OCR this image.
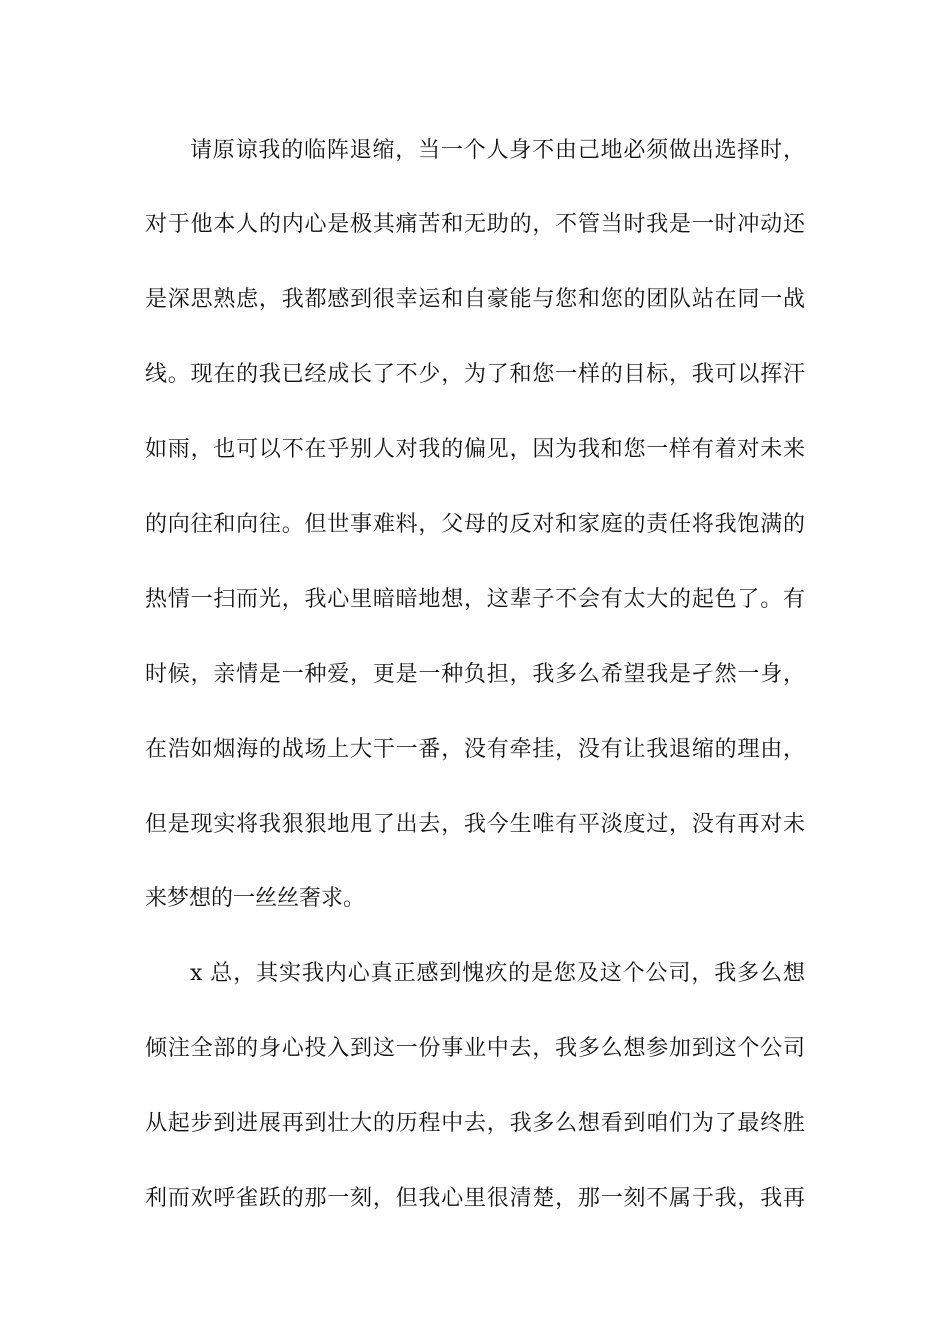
请原谅我的临阵退缩，当一个人身不由己地必须做出选择时，
对于他本人的内心是极其痛苦和无助的，不管当时我是一时冲动还
是深思熟虑，我都感到很幸运和自豪能与您和您的团队站在同一战
线。现在的我已经成长了不少，为了和您一样的目标，我可以挥汗
如雨，也可以不在乎别人对我的偏见，因为我和您一样有着对未来
的向往和向往。但世事难料，父母的反对和家庭的责任将我饱满的
热情一扫而光，我心里暗暗地想，这辈子不会有太大的起色了。有
时候，亲情是一种爱，更是一种负担，我多么希望我是孑然一身，
在浩如烟海的战场上大干一番，没有牵挂，没有让我退缩的理由，
但是现实将我狠狠地甩了出去，我今生唯有平淡度过，没有再对未
来梦想的一丝丝奢求。
x 总，其实我内心真正感到愧疚的是您及这个公司，我多么想
倾注全部的身心投入到这一份事业中去，我多么想参加到这个公司
从起步到进展再到壮大的历程中去，我多么想看到咱们为了最终胜
利而欢呼雀跃的那一刻，但我心里很清楚，那一刻不属于我，我再
